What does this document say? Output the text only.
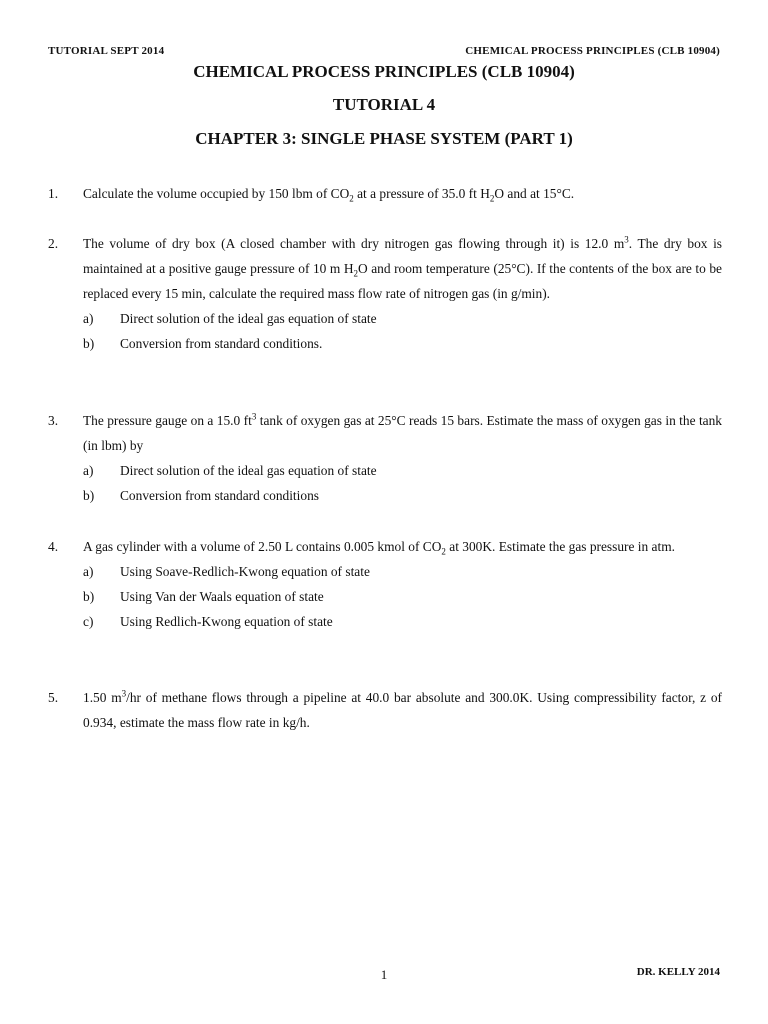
TUTORIAL SEPT 2014	CHEMICAL PROCESS PRINCIPLES (CLB 10904)
CHEMICAL PROCESS PRINCIPLES (CLB 10904)
TUTORIAL 4
CHAPTER 3: SINGLE PHASE SYSTEM (PART 1)
1.	Calculate the volume occupied by 150 lbm of $CO_2$ at a pressure of 35.0 ft $H_2O$ and at 15°C.
2.	The volume of dry box (A closed chamber with dry nitrogen gas flowing through it) is 12.0 $m^3$. The dry box is maintained at a positive gauge pressure of 10 m $H_2O$ and room temperature (25°C). If the contents of the box are to be replaced every 15 min, calculate the required mass flow rate of nitrogen gas (in g/min).
a) Direct solution of the ideal gas equation of state
b) Conversion from standard conditions.
3.	The pressure gauge on a 15.0 $ft^3$ tank of oxygen gas at 25°C reads 15 bars. Estimate the mass of oxygen gas in the tank (in lbm) by
a) Direct solution of the ideal gas equation of state
b) Conversion from standard conditions
4.	A gas cylinder with a volume of 2.50 L contains 0.005 kmol of $CO_2$ at 300K. Estimate the gas pressure in atm.
a) Using Soave-Redlich-Kwong equation of state
b) Using Van der Waals equation of state
c) Using Redlich-Kwong equation of state
5.	1.50 $m^3/hr$ of methane flows through a pipeline at 40.0 bar absolute and 300.0K. Using compressibility factor, z of 0.934, estimate the mass flow rate in kg/h.
1	DR. KELLY 2014
